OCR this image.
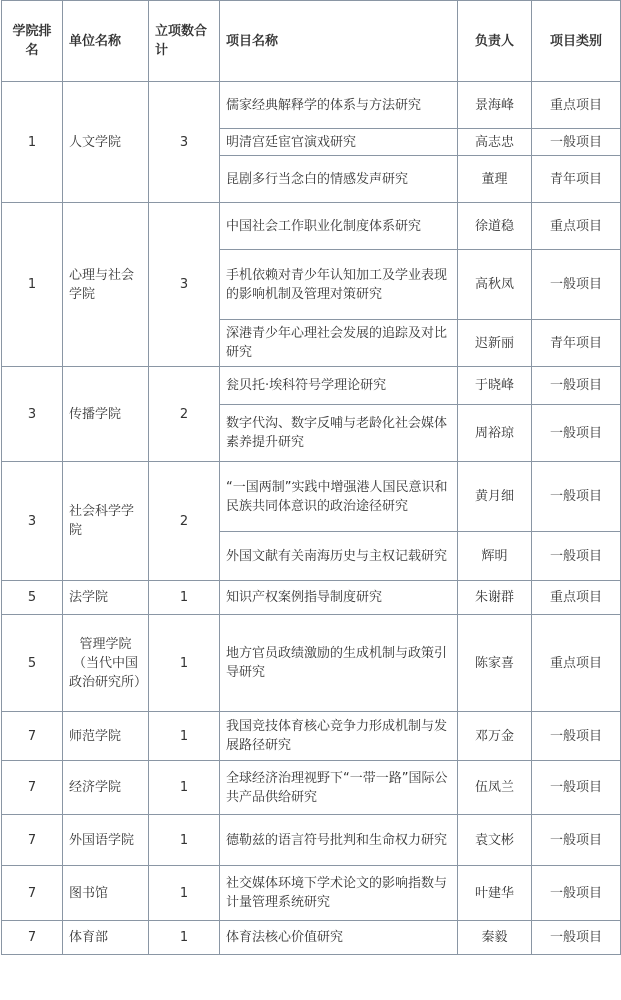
学院排名	单位名称	立项数合计	项目名称	负责人	项目类别
1	人文学院	3	儒家经典解释学的体系与方法研究	景海峰	重点项目
			明清宫廷宦官演戏研究	高志忠	一般项目
			昆剧多行当念白的情感发声研究	董理	青年项目
1	心理与社会学院	3	中国社会工作职业化制度体系研究	徐道稳	重点项目
			手机依赖对青少年认知加工及学业表现的影响机制及管理对策研究	高秋凤	一般项目
			深港青少年心理社会发展的追踪及对比研究	迟新丽	青年项目
3	传播学院	2	瓮贝托·埃科符号学理论研究	于晓峰	一般项目
			数字代沟、数字反哺与老龄化社会媒体素养提升研究	周裕琼	一般项目
3	社会科学学院	2	“一国两制”实践中增强港人国民意识和民族共同体意识的政治途径研究	黄月细	一般项目
			外国文献有关南海历史与主权记载研究	辉明	一般项目
5	法学院	1	知识产权案例指导制度研究	朱谢群	重点项目
5	管理学院（当代中国政治研究所）	1	地方官员政绩激励的生成机制与政策引导研究	陈家喜	重点项目
7	师范学院	1	我国竞技体育核心竞争力形成机制与发展路径研究	邓万金	一般项目
7	经济学院	1	全球经济治理视野下“一带一路”国际公共产品供给研究	伍凤兰	一般项目
7	外国语学院	1	德勒兹的语言符号批判和生命权力研究	袁文彬	一般项目
7	图书馆	1	社交媒体环境下学术论文的影响指数与计量管理系统研究	叶建华	一般项目
7	体育部	1	体育法核心价值研究	秦毅	一般项目
